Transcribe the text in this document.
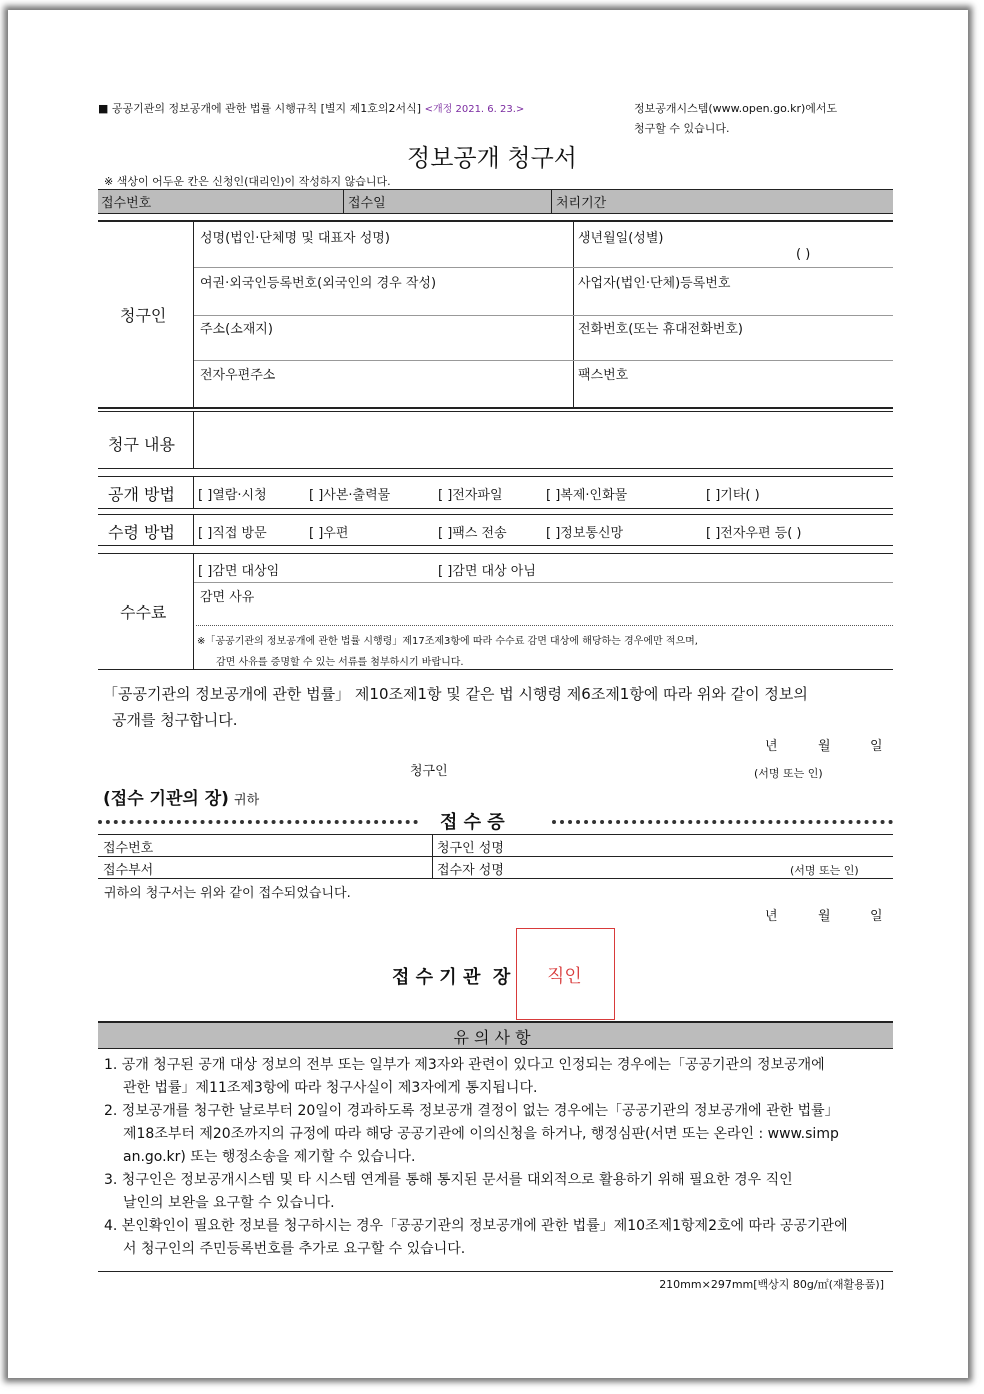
■ 공공기관의 정보공개에 관한 법률 시행규칙 [별지 제1호의2서식] <개정 2021. 6. 23.>	정보공개시스템(www.open.go.kr)에서도
청구할 수 있습니다.
정보공개 청구서
※ 색상이 어두운 칸은 신청인(대리인)이 작성하지 않습니다.
접수번호	접수일	처리기간
청구인
성명(법인·단체명 및 대표자 성명)	생년월일(성별)
( )
여권·외국인등록번호(외국인의 경우 작성)	사업자(법인·단체)등록번호
주소(소재지)	전화번호(또는 휴대전화번호)
전자우편주소	팩스번호
청구 내용
공개 방법 [ ]열람·시청	[ ]사본·출력물	[ ]전자파일	[ ]복제·인화물	[ ]기타( )
수령 방법 [ ]직접 방문	[ ]우편	[ ]팩스 전송	[ ]정보통신망	[ ]전자우편 등( )
수수료
[ ]감면 대상임	[ ]감면 대상 아님
감면 사유
※「공공기관의 정보공개에 관한 법률 시행령」제17조제3항에 따라 수수료 감면 대상에 해당하는 경우에만 적으며,
감면 사유를 증명할 수 있는 서류를 첨부하시기 바랍니다.
「공공기관의 정보공개에 관한 법률」 제10조제1항 및 같은 법 시행령 제6조제1항에 따라 위와 같이 정보의
공개를 청구합니다.
년	월	일
청구인	(서명 또는 인)
(접수 기관의 장) 귀하
접 수 증
접수번호	청구인 성명
접수부서	접수자 성명	(서명 또는 인)
귀하의 청구서는 위와 같이 접수되었습니다.
년	월	일
접 수 기 관  장 직인
유 의 사 항
1. 공개 청구된 공개 대상 정보의 전부 또는 일부가 제3자와 관련이 있다고 인정되는 경우에는「공공기관의 정보공개에
관한 법률」제11조제3항에 따라 청구사실이 제3자에게 통지됩니다.
2. 정보공개를 청구한 날로부터 20일이 경과하도록 정보공개 결정이 없는 경우에는「공공기관의 정보공개에 관한 법률」
제18조부터 제20조까지의 규정에 따라 해당 공공기관에 이의신청을 하거나, 행정심판(서면 또는 온라인 : www.simp
an.go.kr) 또는 행정소송을 제기할 수 있습니다.
3. 청구인은 정보공개시스템 및 타 시스템 연계를 통해 통지된 문서를 대외적으로 활용하기 위해 필요한 경우 직인
날인의 보완을 요구할 수 있습니다.
4. 본인확인이 필요한 정보를 청구하시는 경우「공공기관의 정보공개에 관한 법률」제10조제1항제2호에 따라 공공기관에
서 청구인의 주민등록번호를 추가로 요구할 수 있습니다.
210mm×297mm[백상지 80g/㎡(재활용품)]
